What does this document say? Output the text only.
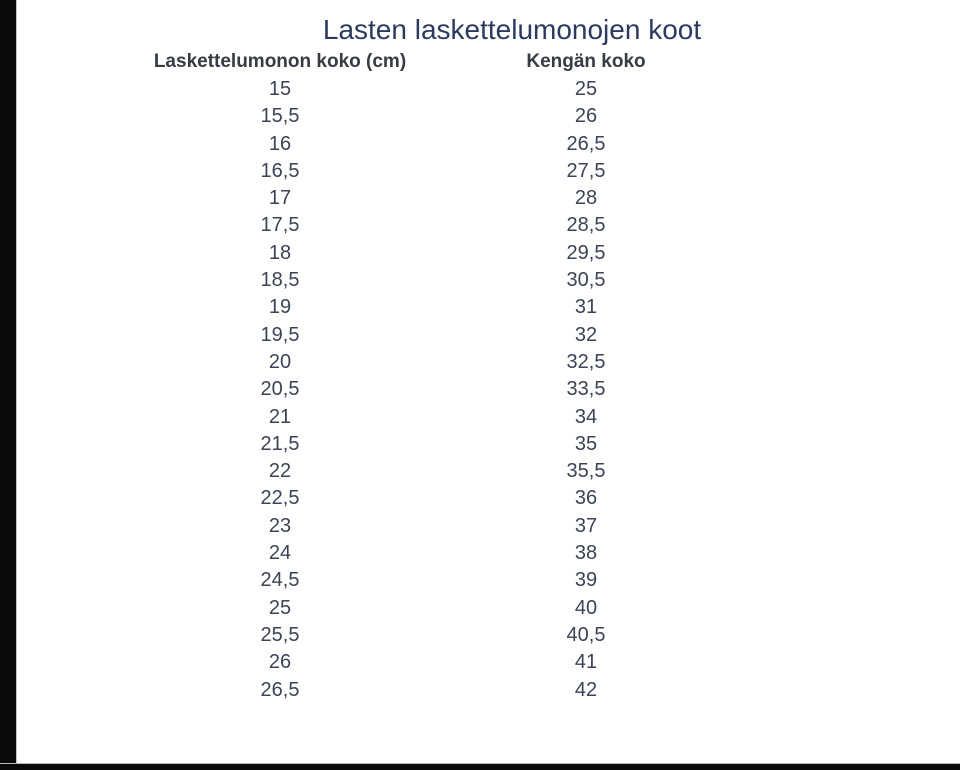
Lasten laskettelumonojen koot
Laskettelumonon koko (cm)	Kengän koko
15	25
15,5	26
16	26,5
16,5	27,5
17	28
17,5	28,5
18	29,5
18,5	30,5
19	31
19,5	32
20	32,5
20,5	33,5
21	34
21,5	35
22	35,5
22,5	36
23	37
24	38
24,5	39
25	40
25,5	40,5
26	41
26,5	42
